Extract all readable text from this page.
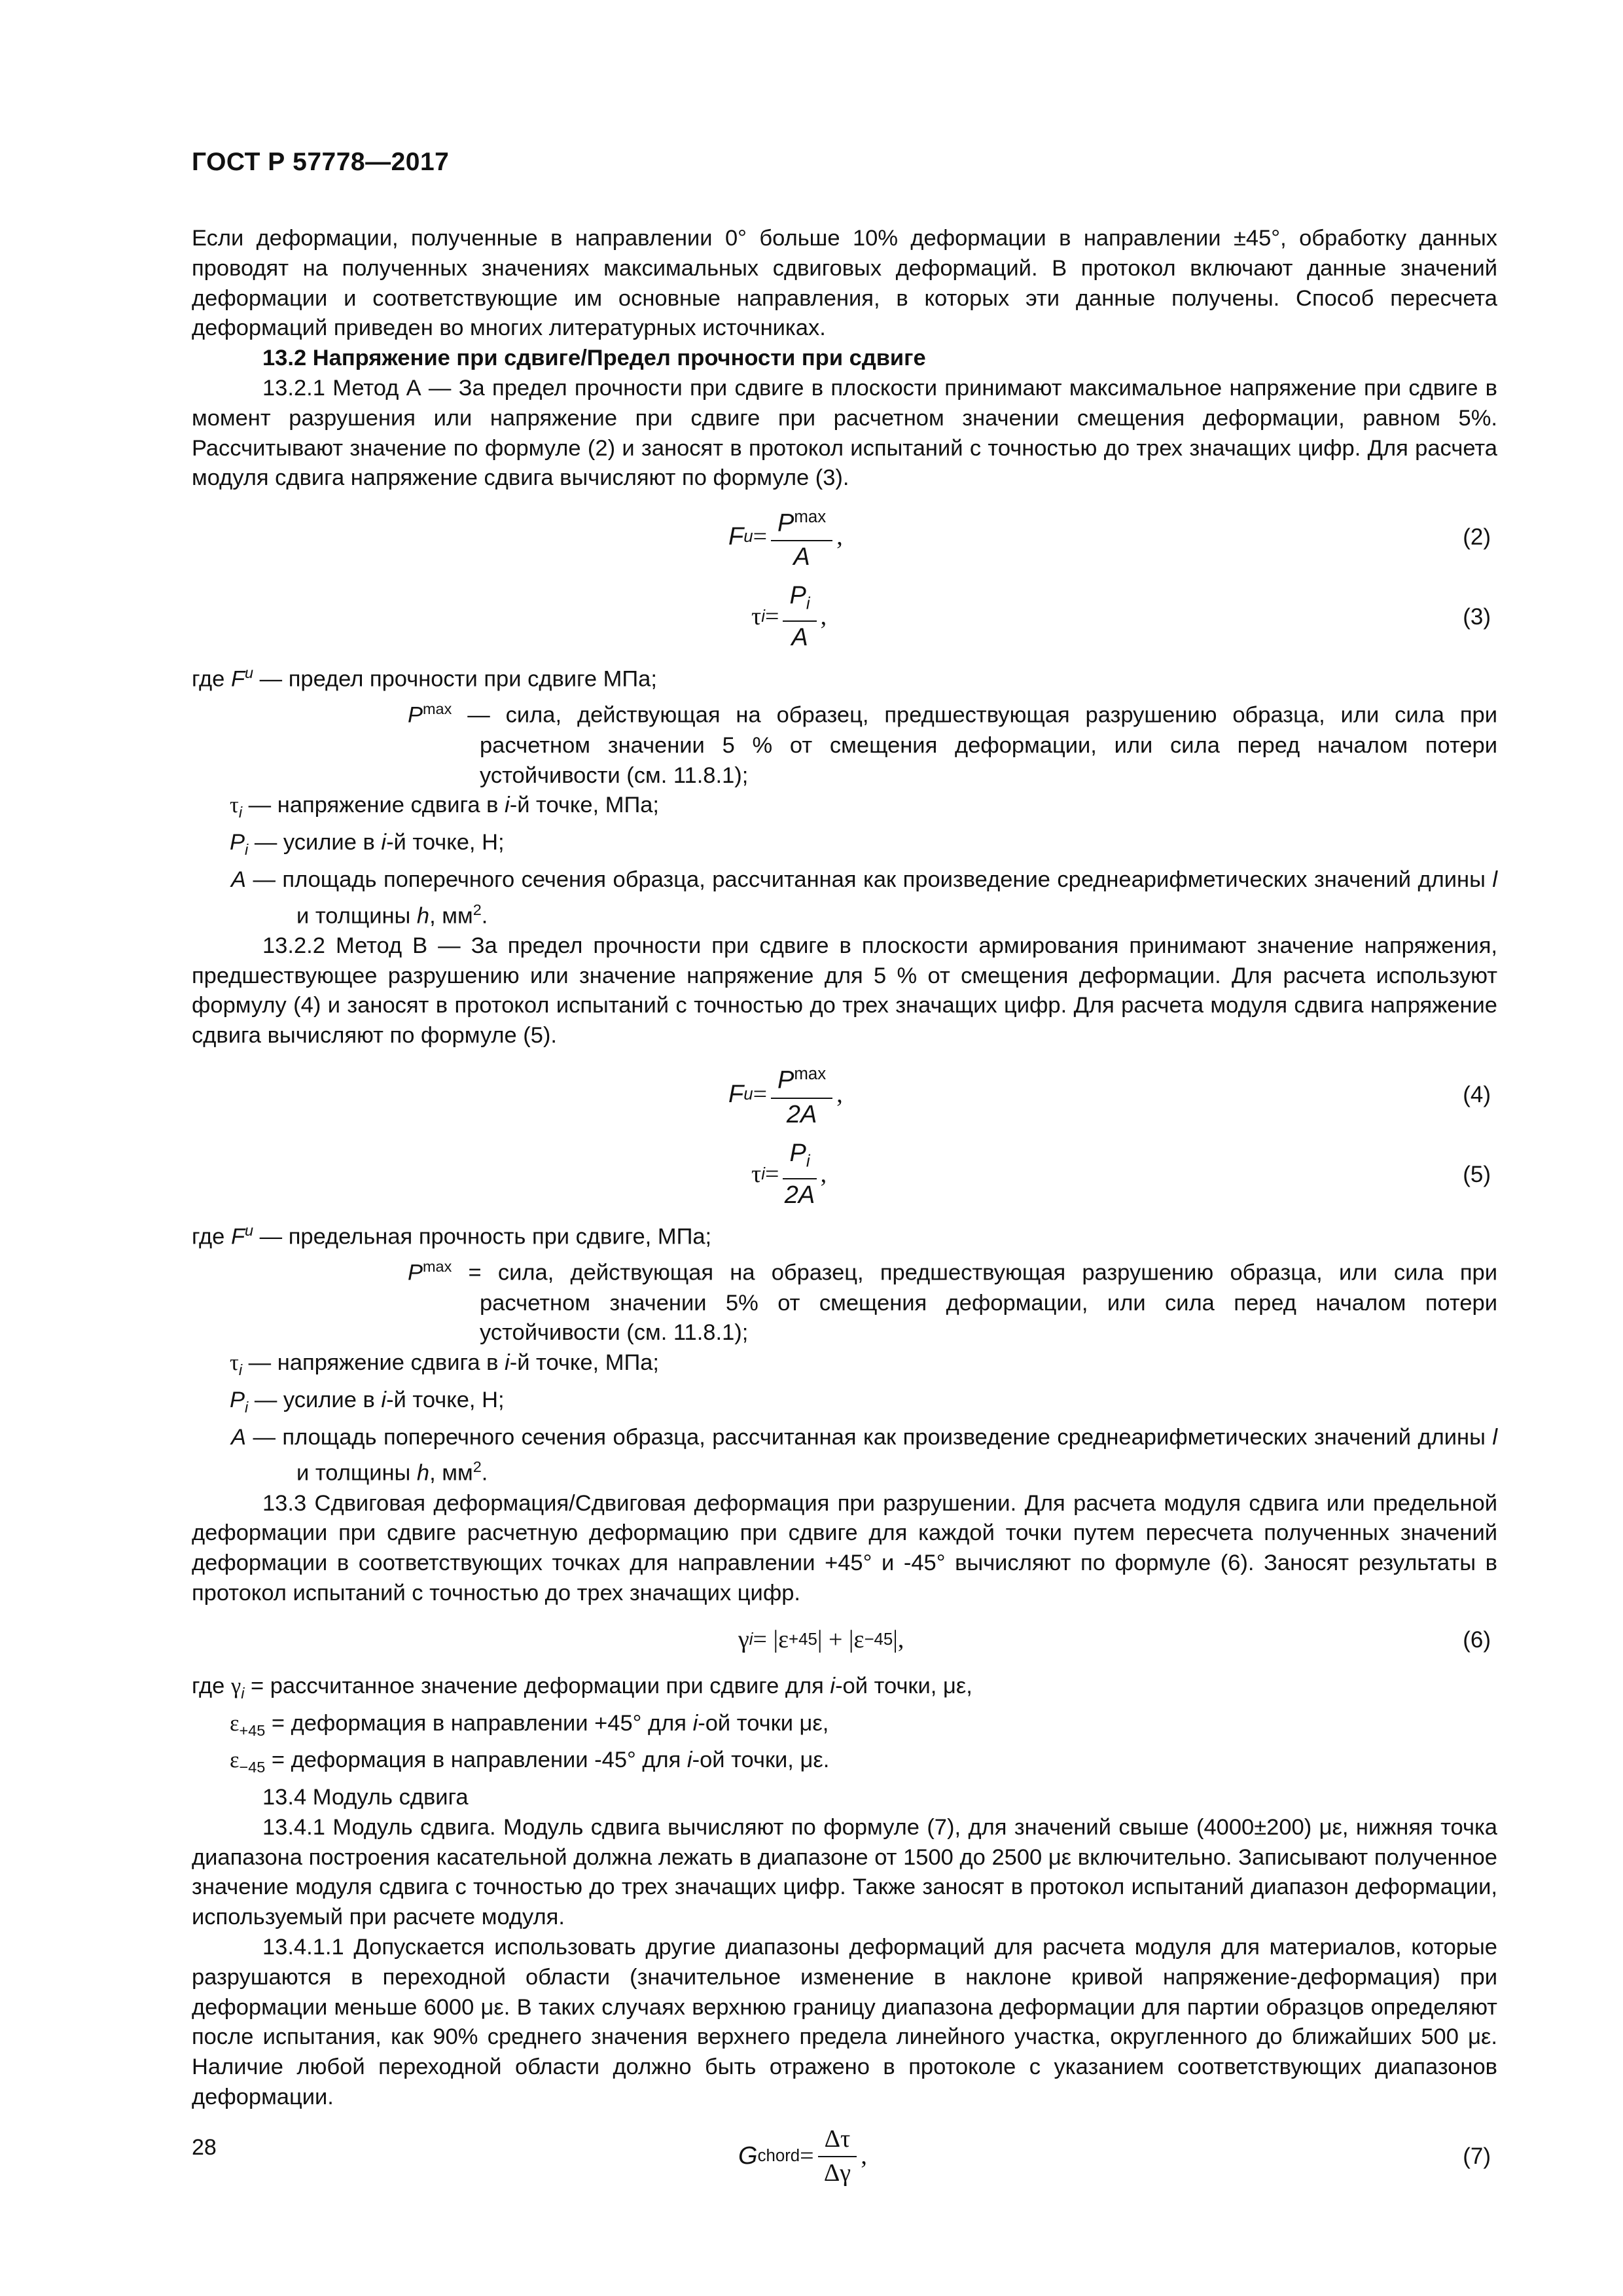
ГОСТ Р 57778—2017

Если деформации, полученные в направлении 0° больше 10% деформации в направлении ±45°, обработку данных проводят на полученных значениях максимальных сдвиговых деформаций. В протокол включают данные значений деформации и соответствующие им основные направления, в которых эти данные получены. Способ пересчета деформаций приведен во многих литературных источниках.

13.2 Напряжение при сдвиге/Предел прочности при сдвиге

13.2.1 Метод А — За предел прочности при сдвиге в плоскости принимают максимальное напряжение при сдвиге в момент разрушения или напряжение при сдвиге при расчетном значении смещения деформации, равном 5%. Рассчитывают значение по формуле (2) и заносят в протокол испытаний с точностью до трех значащих цифр. Для расчета модуля сдвига напряжение сдвига вычисляют по формуле (3).

F $u = \frac{P^{max}}{A}$ ,	(2)
τ $i = \frac{P_i}{A}$ ,	(3)

где $F^u$ — предел прочности при сдвиге МПа;

$P^{max}$ — сила, действующая на образец, предшествующая разрушению образца, или сила при расчетном значении 5 % от смещения деформации, или сила перед началом потери устойчивости (см. 11.8.1);

$\tau_i$ — напряжение сдвига в i-й точке, МПа;

$P_i$ — усилие в i-й точке, Н;

A — площадь поперечного сечения образца, рассчитанная как произведение среднеарифметических значений длины l и толщины h, $мм^2$.

13.2.2 Метод В — За предел прочности при сдвиге в плоскости армирования принимают значение напряжения, предшествующее разрушению или значение напряжение для 5 % от смещения деформации. Для расчета используют формулу (4) и заносят в протокол испытаний с точностью до трех значащих цифр. Для расчета модуля сдвига напряжение сдвига вычисляют по формуле (5).

F $u = \frac{P^{max}}{2A}$ ,	(4)
τ $i = \frac{P_i}{2A}$ ,	(5)

где $F^u$ — предельная прочность при сдвиге, МПа;

$P^{max}$ = сила, действующая на образец, предшествующая разрушению образца, или сила при расчетном значении 5% от смещения деформации, или сила перед началом потери устойчивости (см. 11.8.1);

$\tau_i$ — напряжение сдвига в i-й точке, МПа;

$P_i$ — усилие в i-й точке, Н;

A — площадь поперечного сечения образца, рассчитанная как произведение среднеарифметических значений длины l и толщины h, $мм^2$.

13.3 Сдвиговая деформация/Сдвиговая деформация при разрушении. Для расчета модуля сдвига или предельной деформации при сдвиге расчетную деформацию при сдвиге для каждой точки путем пересчета полученных значений деформации в соответствующих точках для направлении +45° и -45° вычисляют по формуле (6). Заносят результаты в протокол испытаний с точностью до трех значащих цифр.

γ i = |ε +45 | + |ε −45 |,	(6)

где $\gamma_i$ = рассчитанное значение деформации при сдвиге для i-ой точки, με,

$\varepsilon_{+45}$ = деформация в направлении +45° для i-ой точки με,

$\varepsilon_{-45}$ = деформация в направлении -45° для i-ой точки, με.

13.4 Модуль сдвига

13.4.1 Модуль сдвига. Модуль сдвига вычисляют по формуле (7), для значений свыше (4000±200) με, нижняя точка диапазона построения касательной должна лежать в диапазоне от 1500 до 2500 με включительно. Записывают полученное значение модуля сдвига с точностью до трех значащих цифр. Также заносят в протокол испытаний диапазон деформации, используемый при расчете модуля.

13.4.1.1 Допускается использовать другие диапазоны деформаций для расчета модуля для материалов, которые разрушаются в переходной области (значительное изменение в наклоне кривой напряжение-деформация) при деформации меньше 6000 με. В таких случаях верхнюю границу диапазона деформации для партии образцов определяют после испытания, как 90% среднего значения верхнего предела линейного участка, округленного до ближайших 500 με. Наличие любой переходной области должно быть отражено в протоколе с указанием соответствующих диапазонов деформации.

G chord = $\frac{\Delta\tau}{\Delta\gamma}$ ,	(7)
28
